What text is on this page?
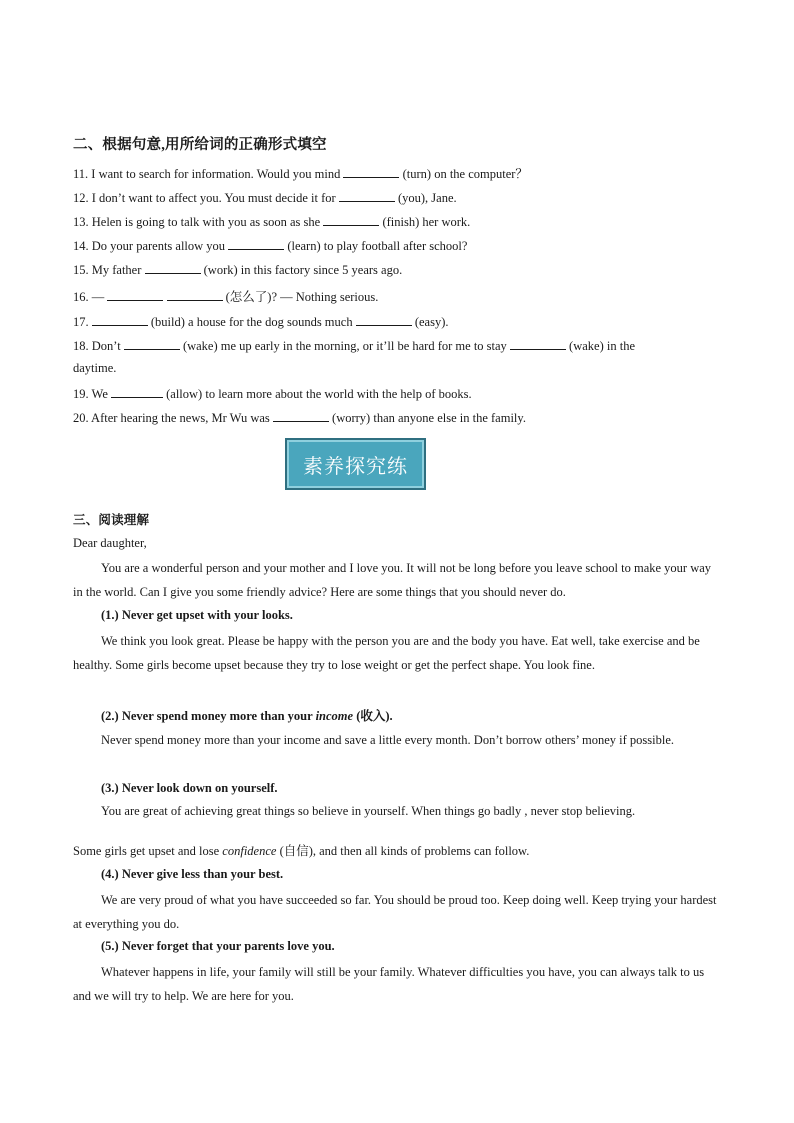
二、根据句意,用所给词的正确形式填空
11. I want to search for information. Would you mind	(turn) on the computer？
12. I don’t want to affect you. You must decide it for	(you), Jane.
13. Helen is going to talk with you as soon as she	(finish) her work.
14. Do your parents allow you	(learn) to play football after school?
15. My father	(work) in this factory since 5 years ago.
16. —	(怎么了)? — Nothing serious.
17.	(build) a house for the dog sounds much	(easy).
18. Don’t	(wake) me up early in the morning, or it’ll be hard for me to stay	(wake) in the
daytime.
19. We	(allow) to learn more about the world with the help of books.
20. After hearing the news, Mr Wu was	(worry) than anyone else in the family.
素养探究练
三、阅读理解
Dear daughter,
You are a wonderful person and your mother and I love you. It will not be long before you leave school to make your way in the world. Can I give you some friendly advice? Here are some things that you should never do.
(1.) Never get upset with your looks.
We think you look great. Please be happy with the person you are and the body you have. Eat well, take exercise and be healthy. Some girls become upset because they try to lose weight or get the perfect shape. You look fine.
(2.) Never spend money more than your income (收入).
Never spend money more than your income and save a little every month. Don’t borrow others’ money if possible.
(3.) Never look down on yourself.
You are great of achieving great things so believe in yourself. When things go badly , never stop believing.
Some girls get upset and lose confidence (自信), and then all kinds of problems can follow.
(4.) Never give less than your best.
We are very proud of what you have succeeded so far. You should be proud too. Keep doing well. Keep trying your hardest at everything you do.
(5.) Never forget that your parents love you.
Whatever happens in life, your family will still be your family. Whatever difficulties you have, you can always talk to us and we will try to help. We are here for you.
